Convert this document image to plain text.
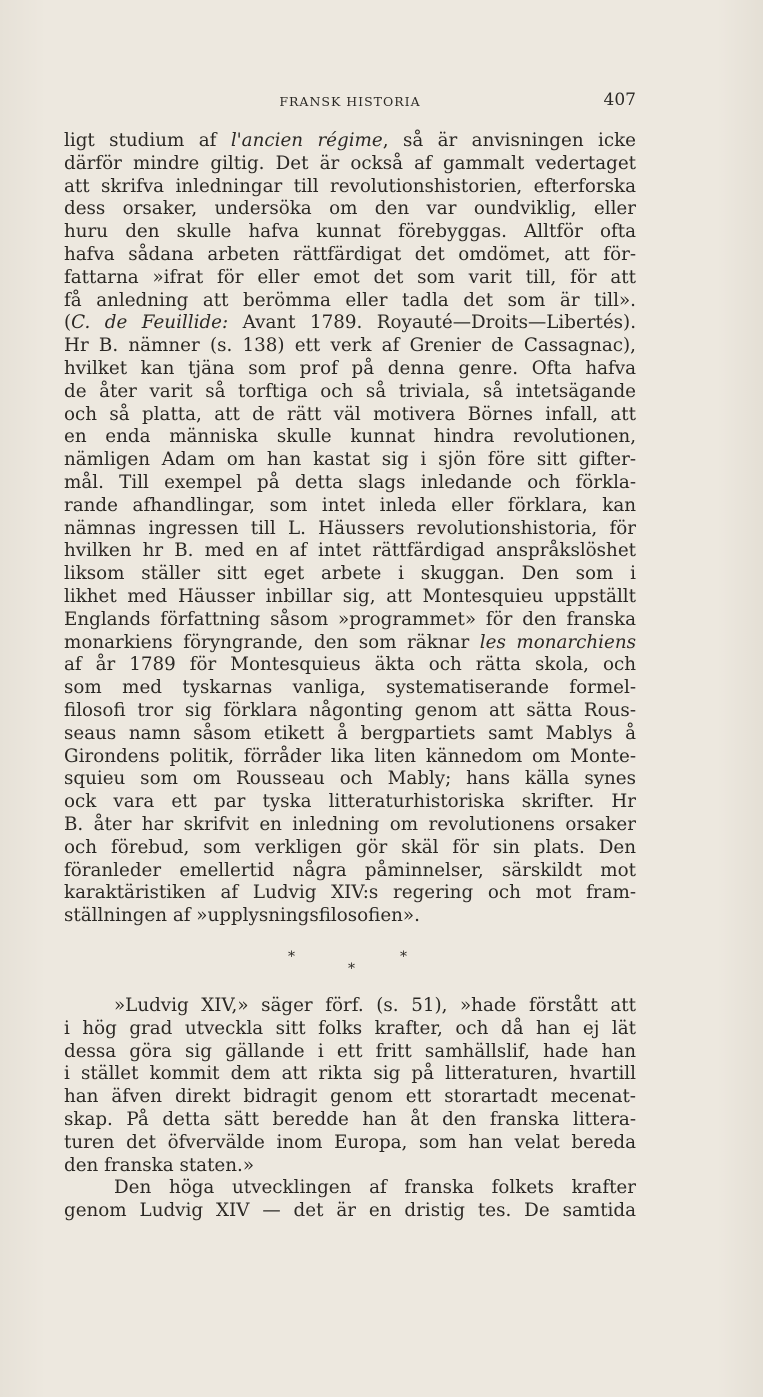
FRANSK HISTORIA	407
ligt studium af l'ancien régime, så är anvisningen icke
därför mindre giltig. Det är också af gammalt vedertaget
att skrifva inledningar till revolutionshistorien, efterforska
dess orsaker, undersöka om den var oundviklig, eller
huru den skulle hafva kunnat förebyggas. Alltför ofta
hafva sådana arbeten rättfärdigat det omdömet, att för-
fattarna »ifrat för eller emot det som varit till, för att
få anledning att berömma eller tadla det som är till».
(C. de Feuillide: Avant 1789. Royauté—Droits—Libertés).
Hr B. nämner (s. 138) ett verk af Grenier de Cassagnac),
hvilket kan tjäna som prof på denna genre. Ofta hafva
de åter varit så torftiga och så triviala, så intetsägande
och så platta, att de rätt väl motivera Börnes infall, att
en enda människa skulle kunnat hindra revolutionen,
nämligen Adam om han kastat sig i sjön före sitt gifter-
mål. Till exempel på detta slags inledande och förkla-
rande afhandlingar, som intet inleda eller förklara, kan
nämnas ingressen till L. Häussers revolutionshistoria, för
hvilken hr B. med en af intet rättfärdigad anspråkslöshet
liksom ställer sitt eget arbete i skuggan. Den som i
likhet med Häusser inbillar sig, att Montesquieu uppställt
Englands författning såsom »programmet» för den franska
monarkiens föryngrande, den som räknar les monarchiens
af år 1789 för Montesquieus äkta och rätta skola, och
som med tyskarnas vanliga, systematiserande formel-
filosofi tror sig förklara någonting genom att sätta Rous-
seaus namn såsom etikett å bergpartiets samt Mablys å
Girondens politik, förråder lika liten kännedom om Monte-
squieu som om Rousseau och Mably; hans källa synes
ock vara ett par tyska litteraturhistoriska skrifter. Hr
B. åter har skrifvit en inledning om revolutionens orsaker
och förebud, som verkligen gör skäl för sin plats. Den
föranleder emellertid några påminnelser, särskildt mot
karaktäristiken af Ludvig XIV:s regering och mot fram-
ställningen af »upplysningsfilosofien».
*
*
*
»Ludvig XIV,» säger förf. (s. 51), »hade förstått att
i hög grad utveckla sitt folks krafter, och då han ej lät
dessa göra sig gällande i ett fritt samhällslif, hade han
i stället kommit dem att rikta sig på litteraturen, hvartill
han äfven direkt bidragit genom ett storartadt mecenat-
skap. På detta sätt beredde han åt den franska littera-
turen det öfvervälde inom Europa, som han velat bereda
den franska staten.»
Den höga utvecklingen af franska folkets krafter
genom Ludvig XIV — det är en dristig tes. De samtida
